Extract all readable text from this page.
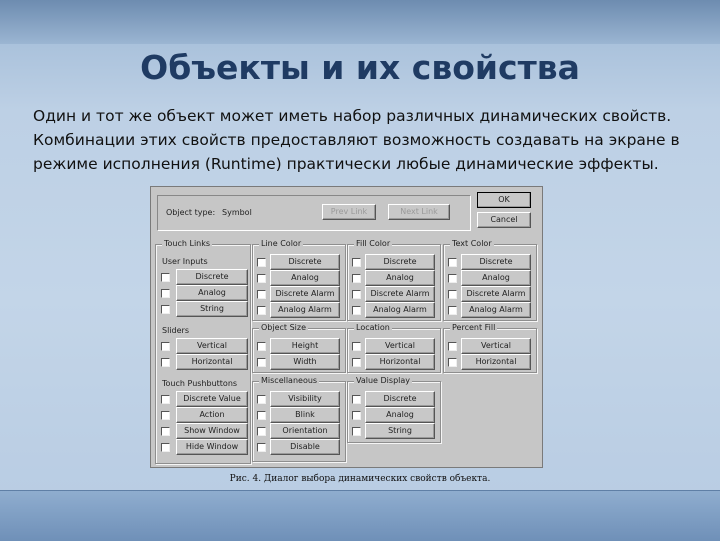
Объекты и их свойства
Один и тот же объект может иметь набор различных динамических свойств.
Комбинации этих свойств предоставляют возможность создавать на экране в
режиме исполнения (Runtime) практически любые динамические эффекты.
Object type: Symbol	Prev Link	Next Link
OK
Cancel
Touch Links
User Inputs
Discrete
Analog
String
Sliders
Vertical
Horizontal
Touch Pushbuttons
Discrete Value
Action
Show Window
Hide Window
Line Color
Discrete
Analog
Discrete Alarm
Analog Alarm
Fill Color
Discrete
Analog
Discrete Alarm
Analog Alarm
Text Color
Discrete
Analog
Discrete Alarm
Analog Alarm
Object Size
Height
Width
Location
Vertical
Horizontal
Percent Fill
Vertical
Horizontal
Miscellaneous
Visibility
Blink
Orientation
Disable
Value Display
Discrete
Analog
String
Рис. 4. Диалог выбора динамических свойств объекта.
